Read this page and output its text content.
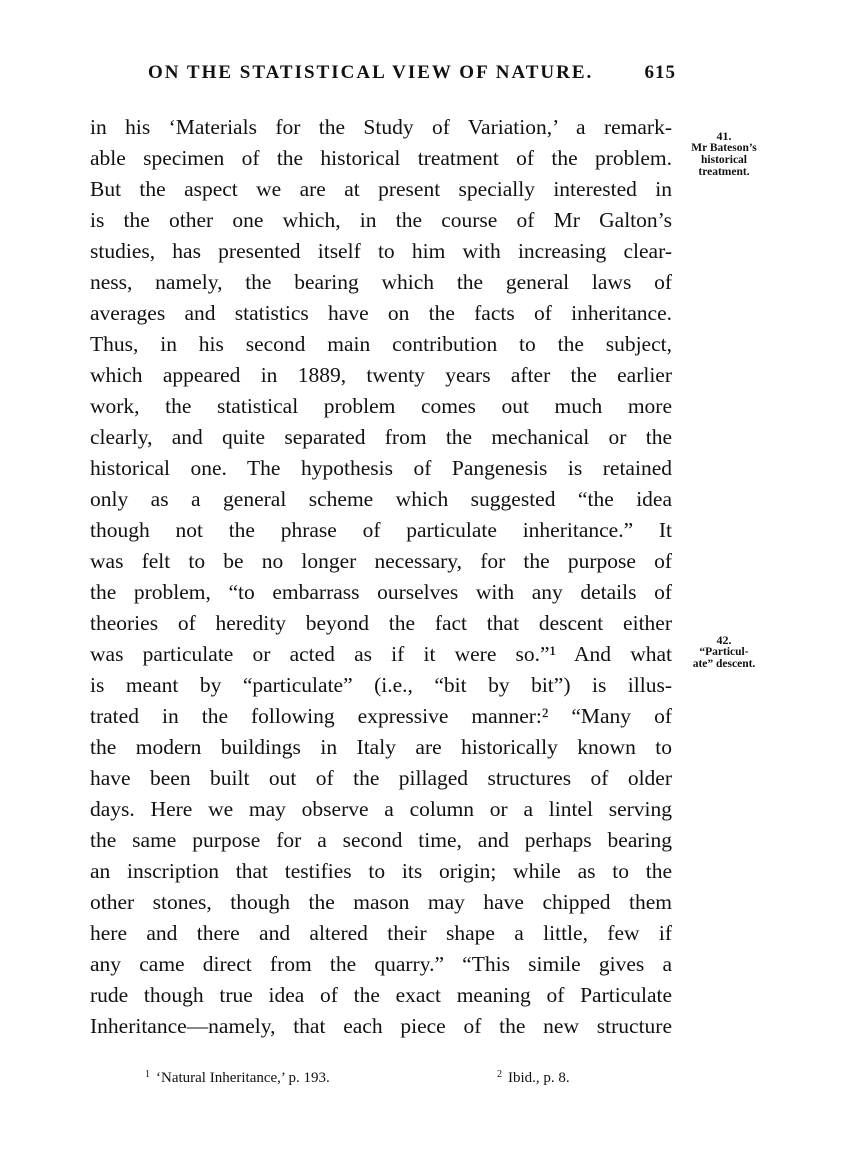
ON THE STATISTICAL VIEW OF NATURE.	615
in his ‘Materials for the Study of Variation,’ a remark-
able specimen of the historical treatment of the problem.
But the aspect we are at present specially interested in
is the other one which, in the course of Mr Galton’s
studies, has presented itself to him with increasing clear-
ness, namely, the bearing which the general laws of
averages and statistics have on the facts of inheritance.
Thus, in his second main contribution to the subject,
which appeared in 1889, twenty years after the earlier
work, the statistical problem comes out much more
clearly, and quite separated from the mechanical or the
historical one. The hypothesis of Pangenesis is retained
only as a general scheme which suggested “the idea
though not the phrase of particulate inheritance.” It
was felt to be no longer necessary, for the purpose of
the problem, “to embarrass ourselves with any details of
theories of heredity beyond the fact that descent either
was particulate or acted as if it were so.”¹ And what
is meant by “particulate” (i.e., “bit by bit”) is illus-
trated in the following expressive manner:² “Many of
the modern buildings in Italy are historically known to
have been built out of the pillaged structures of older
days. Here we may observe a column or a lintel serving
the same purpose for a second time, and perhaps bearing
an inscription that testifies to its origin; while as to the
other stones, though the mason may have chipped them
here and there and altered their shape a little, few if
any came direct from the quarry.” “This simile gives a
rude though true idea of the exact meaning of Particulate
Inheritance—namely, that each piece of the new structure
41.
Mr Bateson’s
historical
treatment.
42.
“Particul-
ate” descent.
$^1$ ‘Natural Inheritance,’ p. 193.	$^2$ Ibid., p. 8.
